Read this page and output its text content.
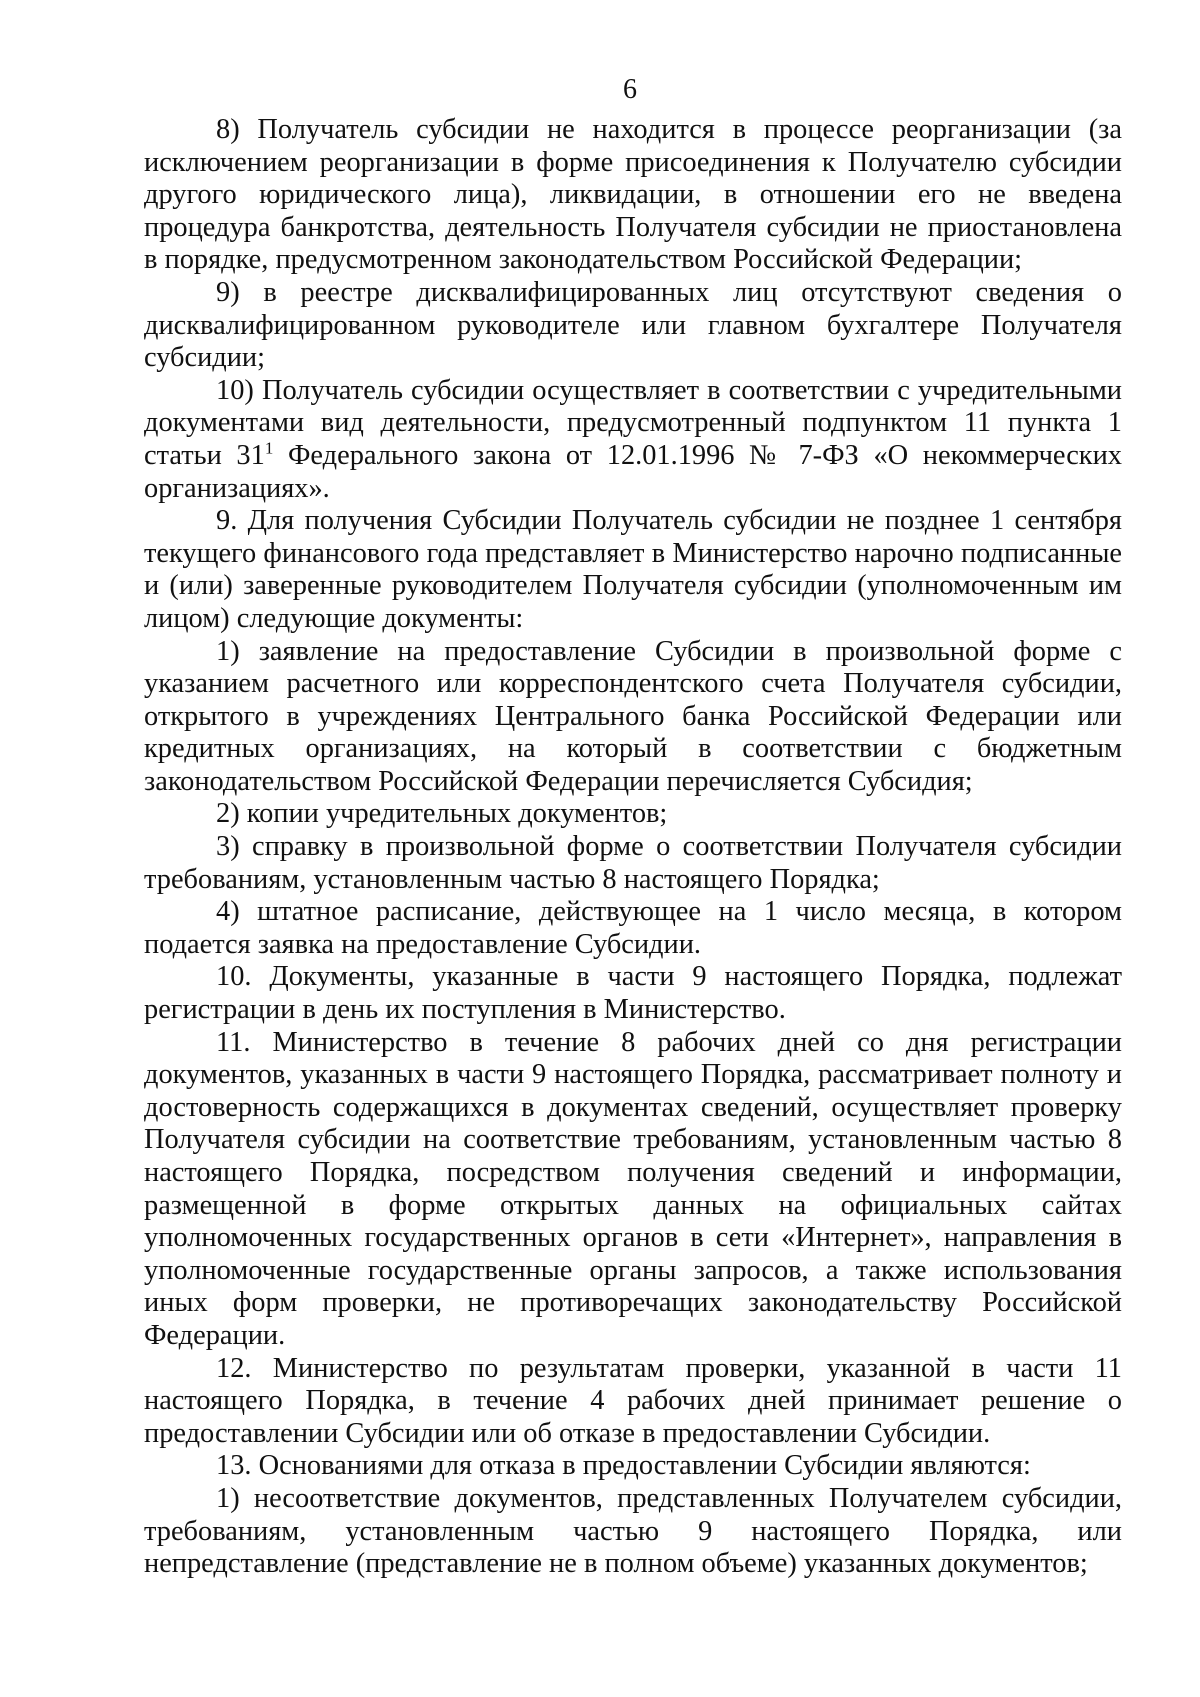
6

8) Получатель субсидии не находится в процессе реорганизации (за исключением реорганизации в форме присоединения к Получателю субсидии другого юридического лица), ликвидации, в отношении его не введена процедура банкротства, деятельность Получателя субсидии не приостановлена в порядке, предусмотренном законодательством Российской Федерации;

9) в реестре дисквалифицированных лиц отсутствуют сведения о дисквалифицированном руководителе или главном бухгалтере Получателя субсидии;

10) Получатель субсидии осуществляет в соответствии с учредительными документами вид деятельности, предусмотренный подпунктом 11 пункта 1 статьи $31^1$ Федерального закона от 12.01.1996 № 7-ФЗ «О некоммерческих организациях».

9. Для получения Субсидии Получатель субсидии не позднее 1 сентября текущего финансового года представляет в Министерство нарочно подписанные и (или) заверенные руководителем Получателя субсидии (уполномоченным им лицом) следующие документы:

1) заявление на предоставление Субсидии в произвольной форме с указанием расчетного или корреспондентского счета Получателя субсидии, открытого в учреждениях Центрального банка Российской Федерации или кредитных организациях, на который в соответствии с бюджетным законодательством Российской Федерации перечисляется Субсидия;

2) копии учредительных документов;

3) справку в произвольной форме о соответствии Получателя субсидии требованиям, установленным частью 8 настоящего Порядка;

4) штатное расписание, действующее на 1 число месяца, в котором подается заявка на предоставление Субсидии.

10. Документы, указанные в части 9 настоящего Порядка, подлежат регистрации в день их поступления в Министерство.

11. Министерство в течение 8 рабочих дней со дня регистрации документов, указанных в части 9 настоящего Порядка, рассматривает полноту и достоверность содержащихся в документах сведений, осуществляет проверку Получателя субсидии на соответствие требованиям, установленным частью 8 настоящего Порядка, посредством получения сведений и информации, размещенной в форме открытых данных на официальных сайтах уполномоченных государственных органов в сети «Интернет», направления в уполномоченные государственные органы запросов, а также использования иных форм проверки, не противоречащих законодательству Российской Федерации.

12. Министерство по результатам проверки, указанной в части 11 настоящего Порядка, в течение 4 рабочих дней принимает решение о предоставлении Субсидии или об отказе в предоставлении Субсидии.

13. Основаниями для отказа в предоставлении Субсидии являются:

1) несоответствие документов, представленных Получателем субсидии, требованиям, установленным частью 9 настоящего Порядка, или непредставление (представление не в полном объеме) указанных документов;
